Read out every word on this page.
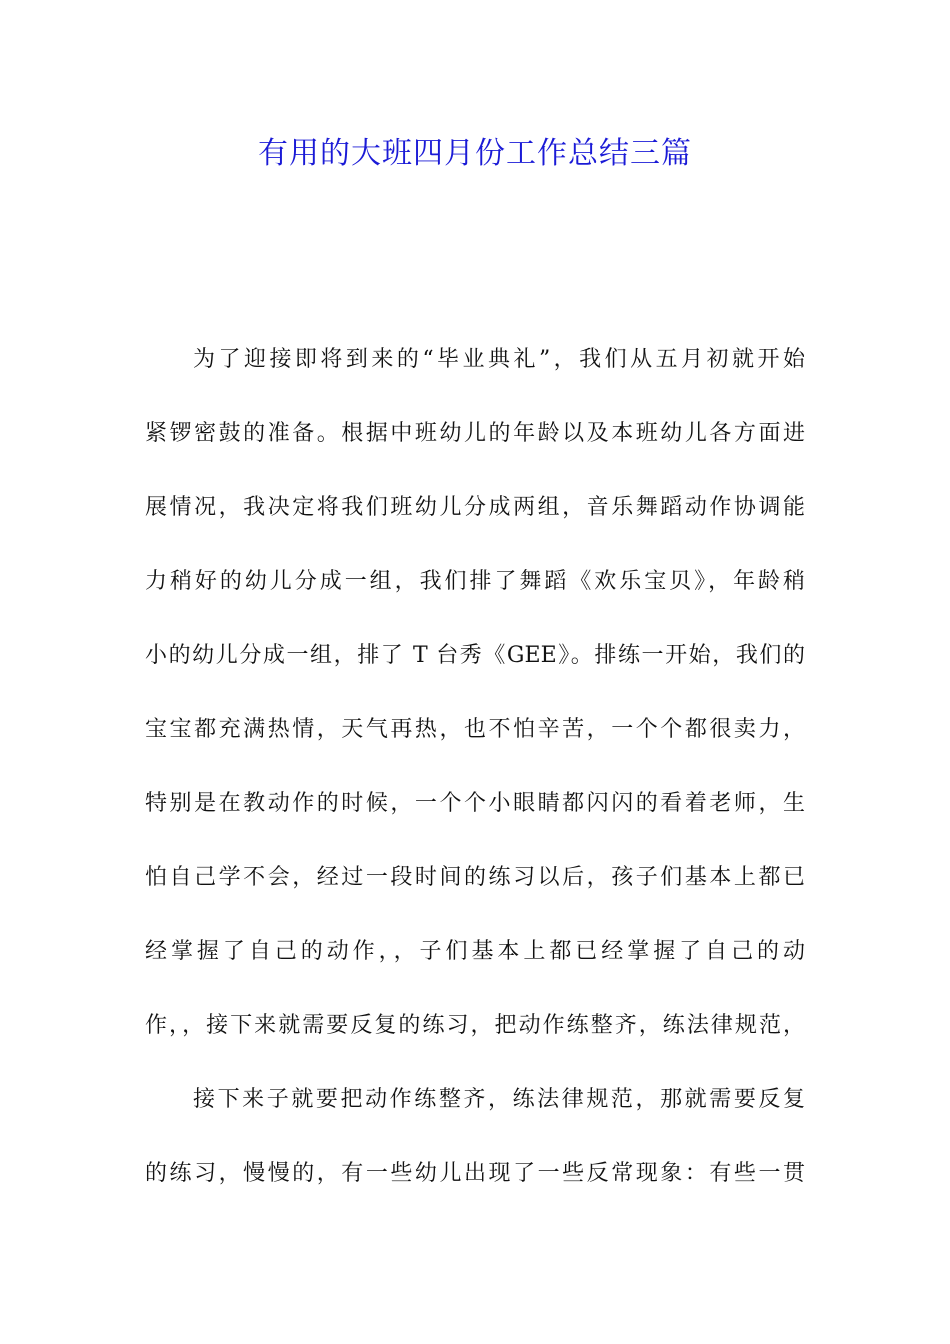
有用的大班四月份工作总结三篇
为了迎接即将到来的“毕业典礼”，我们从五月初就开始
紧锣密鼓的准备。根据中班幼儿的年龄以及本班幼儿各方面进
展情况，我决定将我们班幼儿分成两组，音乐舞蹈动作协调能
力稍好的幼儿分成一组，我们排了舞蹈《欢乐宝贝》，年龄稍
小的幼儿分成一组，排了 T 台秀《GEE》。排练一开始，我们的
宝宝都充满热情，天气再热，也不怕辛苦，一个个都很卖力，
特别是在教动作的时候，一个个小眼睛都闪闪的看着老师，生
怕自己学不会，经过一段时间的练习以后，孩子们基本上都已
经掌握了自己的动作，，子们基本上都已经掌握了自己的动
作，，接下来就需要反复的练习，把动作练整齐，练法律规范，
接下来子就要把动作练整齐，练法律规范，那就需要反复
的练习，慢慢的，有一些幼儿出现了一些反常现象：有些一贯
